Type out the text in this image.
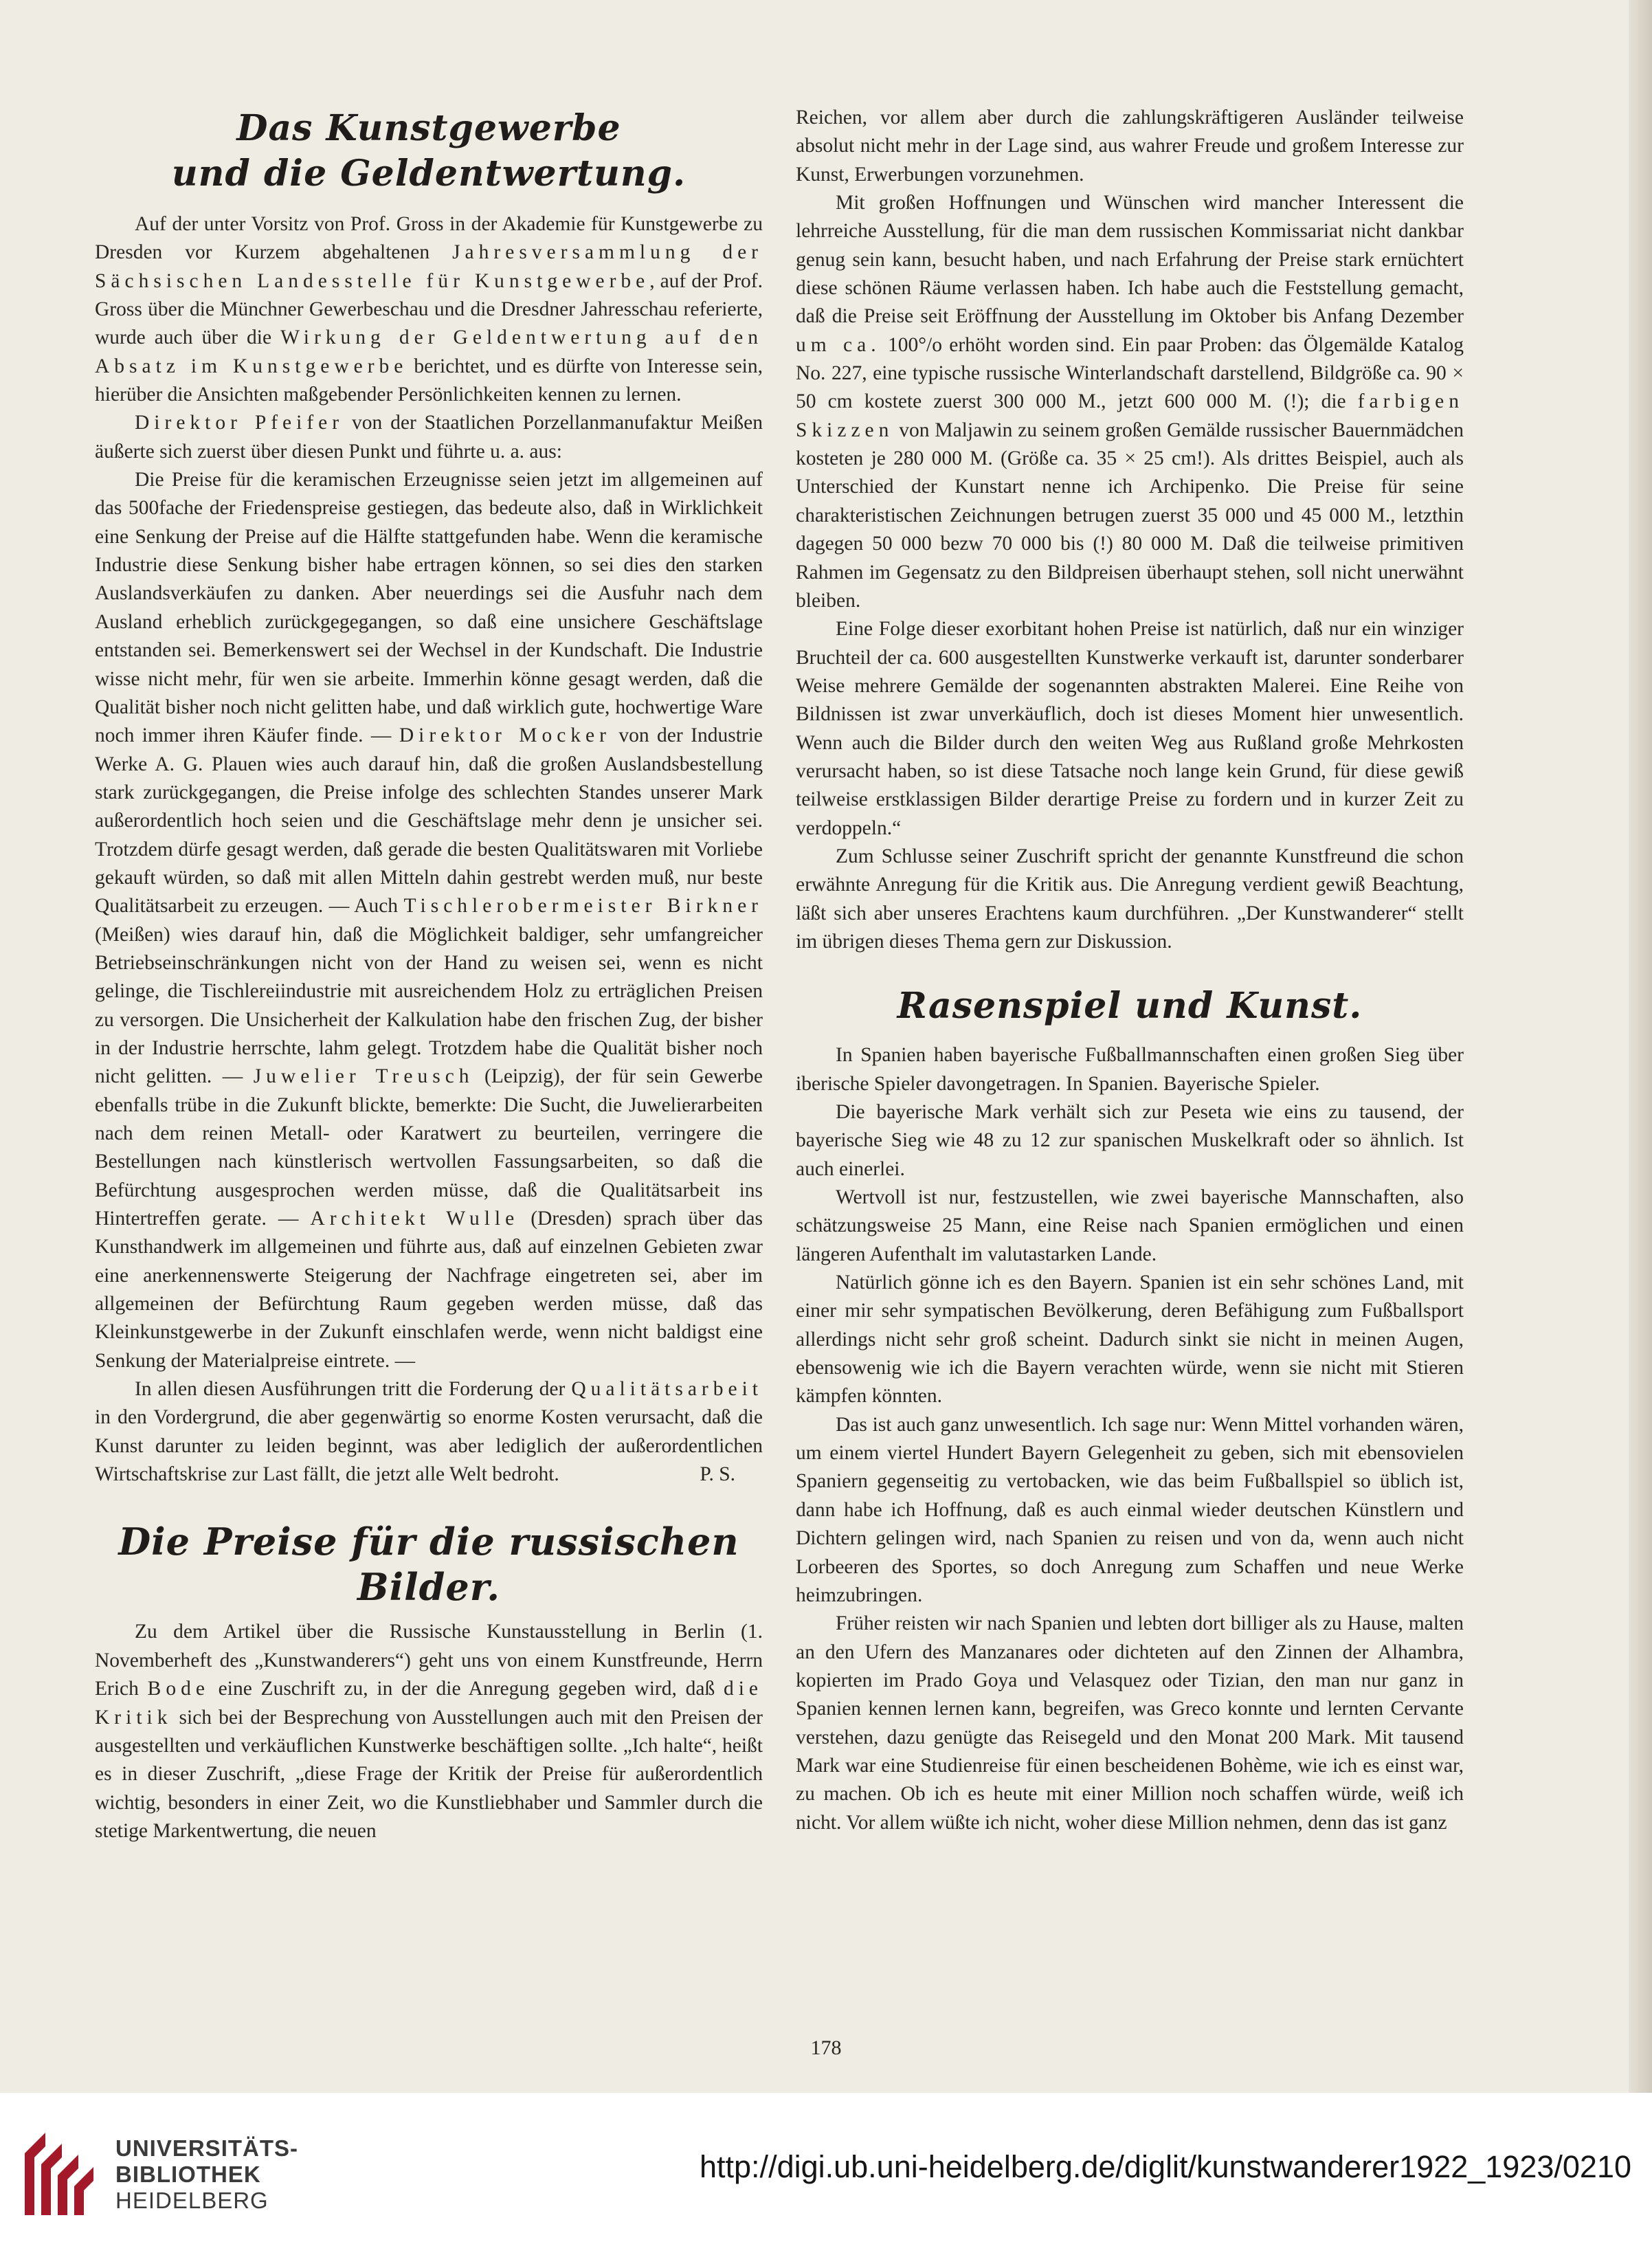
Das Kunstgewerbe
und die Geldentwertung.

Auf der unter Vorsitz von Prof. Gross in der Akademie für Kunstgewerbe zu Dresden vor Kurzem abgehaltenen Jahresversammlung der Sächsischen Landesstelle für Kunstgewerbe, auf der Prof. Gross über die Münchner Gewerbeschau und die Dresdner Jahresschau referierte, wurde auch über die Wirkung der Geldentwertung auf den Absatz im Kunstgewerbe berichtet, und es dürfte von Interesse sein, hierüber die Ansichten maßgebender Persönlichkeiten kennen zu lernen.

Direktor Pfeifer von der Staatlichen Porzellanmanufaktur Meißen äußerte sich zuerst über diesen Punkt und führte u. a. aus:

Die Preise für die keramischen Erzeugnisse seien jetzt im allgemeinen auf das 500fache der Friedenspreise gestiegen, das bedeute also, daß in Wirklichkeit eine Senkung der Preise auf die Hälfte stattgefunden habe. Wenn die keramische Industrie diese Senkung bisher habe ertragen können, so sei dies den starken Auslandsverkäufen zu danken. Aber neuerdings sei die Ausfuhr nach dem Ausland erheblich zurückgegegangen, so daß eine unsichere Geschäftslage entstanden sei. Bemerkenswert sei der Wechsel in der Kundschaft. Die Industrie wisse nicht mehr, für wen sie arbeite. Immerhin könne gesagt werden, daß die Qualität bisher noch nicht gelitten habe, und daß wirklich gute, hochwertige Ware noch immer ihren Käufer finde. — Direktor Mocker von der Industrie Werke A. G. Plauen wies auch darauf hin, daß die großen Auslandsbestellung stark zurückgegangen, die Preise infolge des schlechten Standes unserer Mark außerordentlich hoch seien und die Geschäftslage mehr denn je unsicher sei. Trotzdem dürfe gesagt werden, daß gerade die besten Qualitätswaren mit Vorliebe gekauft würden, so daß mit allen Mitteln dahin gestrebt werden muß, nur beste Qualitätsarbeit zu erzeugen. — Auch Tischlerobermeister Birkner (Meißen) wies darauf hin, daß die Möglichkeit baldiger, sehr umfangreicher Betriebseinschränkungen nicht von der Hand zu weisen sei, wenn es nicht gelinge, die Tischlereiindustrie mit ausreichendem Holz zu erträglichen Preisen zu versorgen. Die Unsicherheit der Kalkulation habe den frischen Zug, der bisher in der Industrie herrschte, lahm gelegt. Trotzdem habe die Qualität bisher noch nicht gelitten. — Juwelier Treusch (Leipzig), der für sein Gewerbe ebenfalls trübe in die Zukunft blickte, bemerkte: Die Sucht, die Juwelierarbeiten nach dem reinen Metall- oder Karatwert zu beurteilen, verringere die Bestellungen nach künstlerisch wertvollen Fassungsarbeiten, so daß die Befürchtung ausgesprochen werden müsse, daß die Qualitätsarbeit ins Hintertreffen gerate. — Architekt Wulle (Dresden) sprach über das Kunsthandwerk im allgemeinen und führte aus, daß auf einzelnen Gebieten zwar eine anerkennenswerte Steigerung der Nachfrage eingetreten sei, aber im allgemeinen der Befürchtung Raum gegeben werden müsse, daß das Kleinkunstgewerbe in der Zukunft einschlafen werde, wenn nicht baldigst eine Senkung der Materialpreise eintrete. —

In allen diesen Ausführungen tritt die Forderung der Qualitätsarbeit in den Vordergrund, die aber gegenwärtig so enorme Kosten verursacht, daß die Kunst darunter zu leiden beginnt, was aber lediglich der außerordentlichen Wirtschaftskrise zur Last fällt, die jetzt alle Welt bedroht.	P. S.

Die Preise für die russischen Bilder.

Zu dem Artikel über die Russische Kunstausstellung in Berlin (1. Novemberheft des „Kunstwanderers“) geht uns von einem Kunstfreunde, Herrn Erich Bode eine Zuschrift zu, in der die Anregung gegeben wird, daß die Kritik sich bei der Besprechung von Ausstellungen auch mit den Preisen der ausgestellten und verkäuflichen Kunstwerke beschäftigen sollte. „Ich halte“, heißt es in dieser Zuschrift, „diese Frage der Kritik der Preise für außerordentlich wichtig, besonders in einer Zeit, wo die Kunstliebhaber und Sammler durch die stetige Markentwertung, die neuen

Reichen, vor allem aber durch die zahlungskräftigeren Ausländer teilweise absolut nicht mehr in der Lage sind, aus wahrer Freude und großem Interesse zur Kunst, Erwerbungen vorzunehmen.

Mit großen Hoffnungen und Wünschen wird mancher Interessent die lehrreiche Ausstellung, für die man dem russischen Kommissariat nicht dankbar genug sein kann, besucht haben, und nach Erfahrung der Preise stark ernüchtert diese schönen Räume verlassen haben. Ich habe auch die Feststellung gemacht, daß die Preise seit Eröffnung der Ausstellung im Oktober bis Anfang Dezember um ca. 100°/o erhöht worden sind. Ein paar Proben: das Ölgemälde Katalog No. 227, eine typische russische Winterlandschaft darstellend, Bildgröße ca. 90 × 50 cm kostete zuerst 300 000 M., jetzt 600 000 M. (!); die farbigen Skizzen von Maljawin zu seinem großen Gemälde russischer Bauernmädchen kosteten je 280 000 M. (Größe ca. 35 × 25 cm!). Als drittes Beispiel, auch als Unterschied der Kunstart nenne ich Archipenko. Die Preise für seine charakteristischen Zeichnungen betrugen zuerst 35 000 und 45 000 M., letzthin dagegen 50 000 bezw 70 000 bis (!) 80 000 M. Daß die teilweise primitiven Rahmen im Gegensatz zu den Bildpreisen überhaupt stehen, soll nicht unerwähnt bleiben.

Eine Folge dieser exorbitant hohen Preise ist natürlich, daß nur ein winziger Bruchteil der ca. 600 ausgestellten Kunstwerke verkauft ist, darunter sonderbarer Weise mehrere Gemälde der sogenannten abstrakten Malerei. Eine Reihe von Bildnissen ist zwar unverkäuflich, doch ist dieses Moment hier unwesentlich. Wenn auch die Bilder durch den weiten Weg aus Rußland große Mehrkosten verursacht haben, so ist diese Tatsache noch lange kein Grund, für diese gewiß teilweise erstklassigen Bilder derartige Preise zu fordern und in kurzer Zeit zu verdoppeln.“

Zum Schlusse seiner Zuschrift spricht der genannte Kunstfreund die schon erwähnte Anregung für die Kritik aus. Die Anregung verdient gewiß Beachtung, läßt sich aber unseres Erachtens kaum durchführen. „Der Kunstwanderer“ stellt im übrigen dieses Thema gern zur Diskussion.

Rasenspiel und Kunst.

In Spanien haben bayerische Fußballmannschaften einen großen Sieg über iberische Spieler davongetragen. In Spanien. Bayerische Spieler.

Die bayerische Mark verhält sich zur Peseta wie eins zu tausend, der bayerische Sieg wie 48 zu 12 zur spanischen Muskelkraft oder so ähnlich. Ist auch einerlei.

Wertvoll ist nur, festzustellen, wie zwei bayerische Mannschaften, also schätzungsweise 25 Mann, eine Reise nach Spanien ermöglichen und einen längeren Aufenthalt im valutastarken Lande.

Natürlich gönne ich es den Bayern. Spanien ist ein sehr schönes Land, mit einer mir sehr sympatischen Bevölkerung, deren Befähigung zum Fußballsport allerdings nicht sehr groß scheint. Dadurch sinkt sie nicht in meinen Augen, ebensowenig wie ich die Bayern verachten würde, wenn sie nicht mit Stieren kämpfen könnten.

Das ist auch ganz unwesentlich. Ich sage nur: Wenn Mittel vorhanden wären, um einem viertel Hundert Bayern Gelegenheit zu geben, sich mit ebensovielen Spaniern gegenseitig zu vertobacken, wie das beim Fußballspiel so üblich ist, dann habe ich Hoffnung, daß es auch einmal wieder deutschen Künstlern und Dichtern gelingen wird, nach Spanien zu reisen und von da, wenn auch nicht Lorbeeren des Sportes, so doch Anregung zum Schaffen und neue Werke heimzubringen.

Früher reisten wir nach Spanien und lebten dort billiger als zu Hause, malten an den Ufern des Manzanares oder dichteten auf den Zinnen der Alhambra, kopierten im Prado Goya und Velasquez oder Tizian, den man nur ganz in Spanien kennen lernen kann, begreifen, was Greco konnte und lernten Cervante verstehen, dazu genügte das Reisegeld und den Monat 200 Mark. Mit tausend Mark war eine Studienreise für einen bescheidenen Bohème, wie ich es einst war, zu machen. Ob ich es heute mit einer Million noch schaffen würde, weiß ich nicht. Vor allem wüßte ich nicht, woher diese Million nehmen, denn das ist ganz

178
UNIVERSITÄTS-
BIBLIOTHEK
HEIDELBERG
http://digi.ub.uni-heidelberg.de/diglit/kunstwanderer1922_1923/0210
